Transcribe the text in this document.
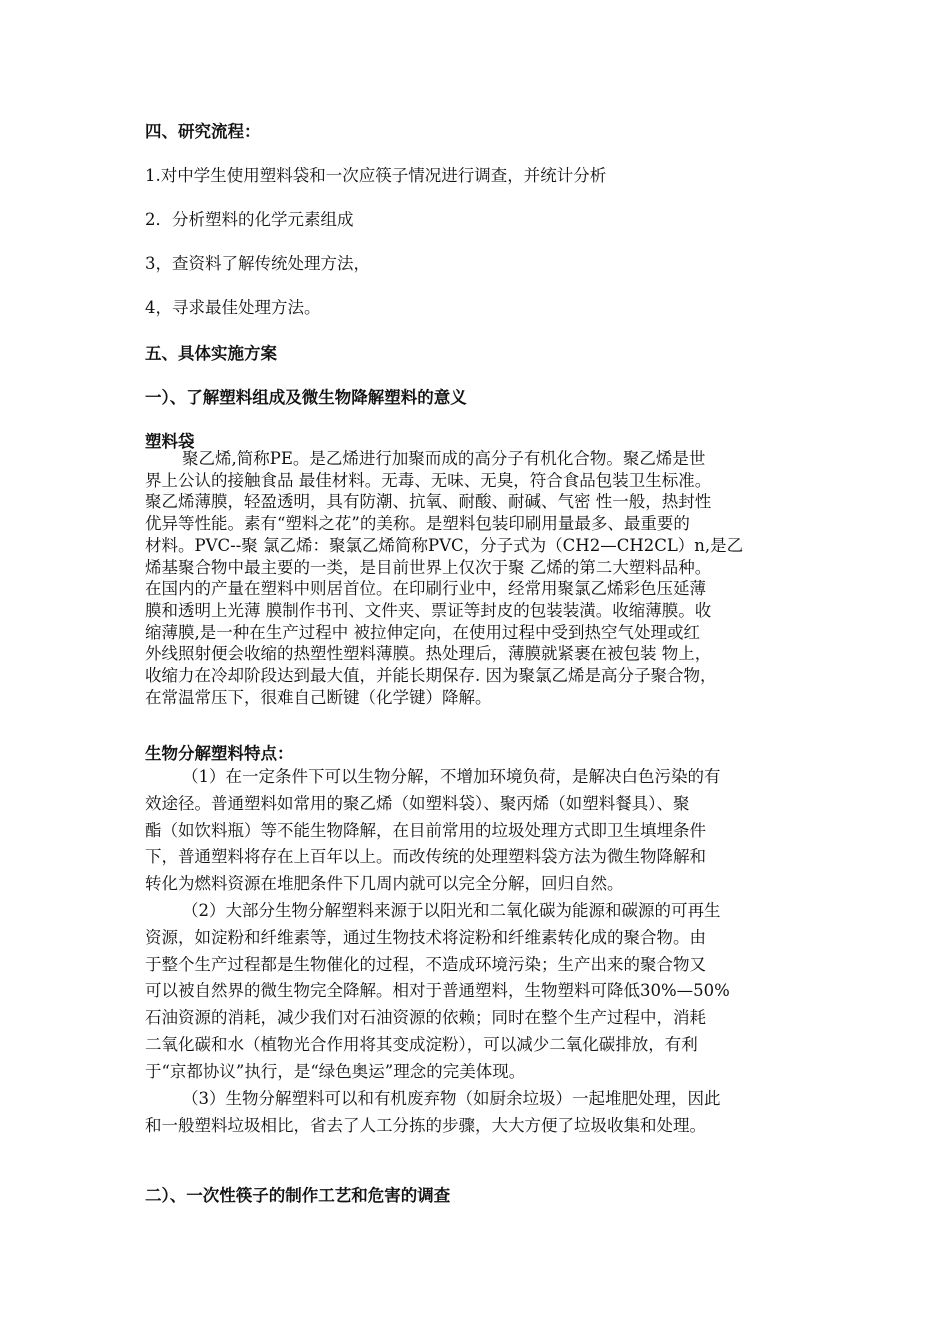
四、研究流程：
1.对中学生使用塑料袋和一次应筷子情况进行调查，并统计分析
2．分析塑料的化学元素组成
3，查资料了解传统处理方法，
4，寻求最佳处理方法。
五、具体实施方案
一）、了解塑料组成及微生物降解塑料的意义
塑料袋
聚乙烯,简称PE。是乙烯进行加聚而成的高分子有机化合物。聚乙烯是世
界上公认的接触食品 最佳材料。无毒、无味、无臭，符合食品包装卫生标准。
聚乙烯薄膜，轻盈透明，具有防潮、抗氧、耐酸、耐碱、气密 性一般，热封性
优异等性能。素有“塑料之花”的美称。是塑料包装印刷用量最多、最重要的
材料。PVC--聚 氯乙烯：聚氯乙烯简称PVC，分子式为（CH2—CH2CL）n,是乙
烯基聚合物中最主要的一类，是目前世界上仅次于聚 乙烯的第二大塑料品种。
在国内的产量在塑料中则居首位。在印刷行业中，经常用聚氯乙烯彩色压延薄
膜和透明上光薄 膜制作书刊、文件夹、票证等封皮的包装装潢。收缩薄膜。收
缩薄膜,是一种在生产过程中 被拉伸定向，在使用过程中受到热空气处理或红
外线照射便会收缩的热塑性塑料薄膜。热处理后，薄膜就紧裹在被包装 物上，
收缩力在冷却阶段达到最大值，并能长期保存. 因为聚氯乙烯是高分子聚合物，
在常温常压下，很难自己断键（化学键）降解。
生物分解塑料特点：
（1）在一定条件下可以生物分解，不增加环境负荷，是解决白色污染的有
效途径。普通塑料如常用的聚乙烯（如塑料袋）、聚丙烯（如塑料餐具）、聚
酯（如饮料瓶）等不能生物降解，在目前常用的垃圾处理方式即卫生填埋条件
下，普通塑料将存在上百年以上。而改传统的处理塑料袋方法为微生物降解和
转化为燃料资源在堆肥条件下几周内就可以完全分解，回归自然。
（2）大部分生物分解塑料来源于以阳光和二氧化碳为能源和碳源的可再生
资源，如淀粉和纤维素等，通过生物技术将淀粉和纤维素转化成的聚合物。由
于整个生产过程都是生物催化的过程，不造成环境污染；生产出来的聚合物又
可以被自然界的微生物完全降解。相对于普通塑料，生物塑料可降低30%—50%
石油资源的消耗，减少我们对石油资源的依赖；同时在整个生产过程中，消耗
二氧化碳和水（植物光合作用将其变成淀粉），可以减少二氧化碳排放，有利
于“京都协议”执行，是“绿色奥运”理念的完美体现。
（3）生物分解塑料可以和有机废弃物（如厨余垃圾）一起堆肥处理，因此
和一般塑料垃圾相比，省去了人工分拣的步骤，大大方便了垃圾收集和处理。
二）、一次性筷子的制作工艺和危害的调查
